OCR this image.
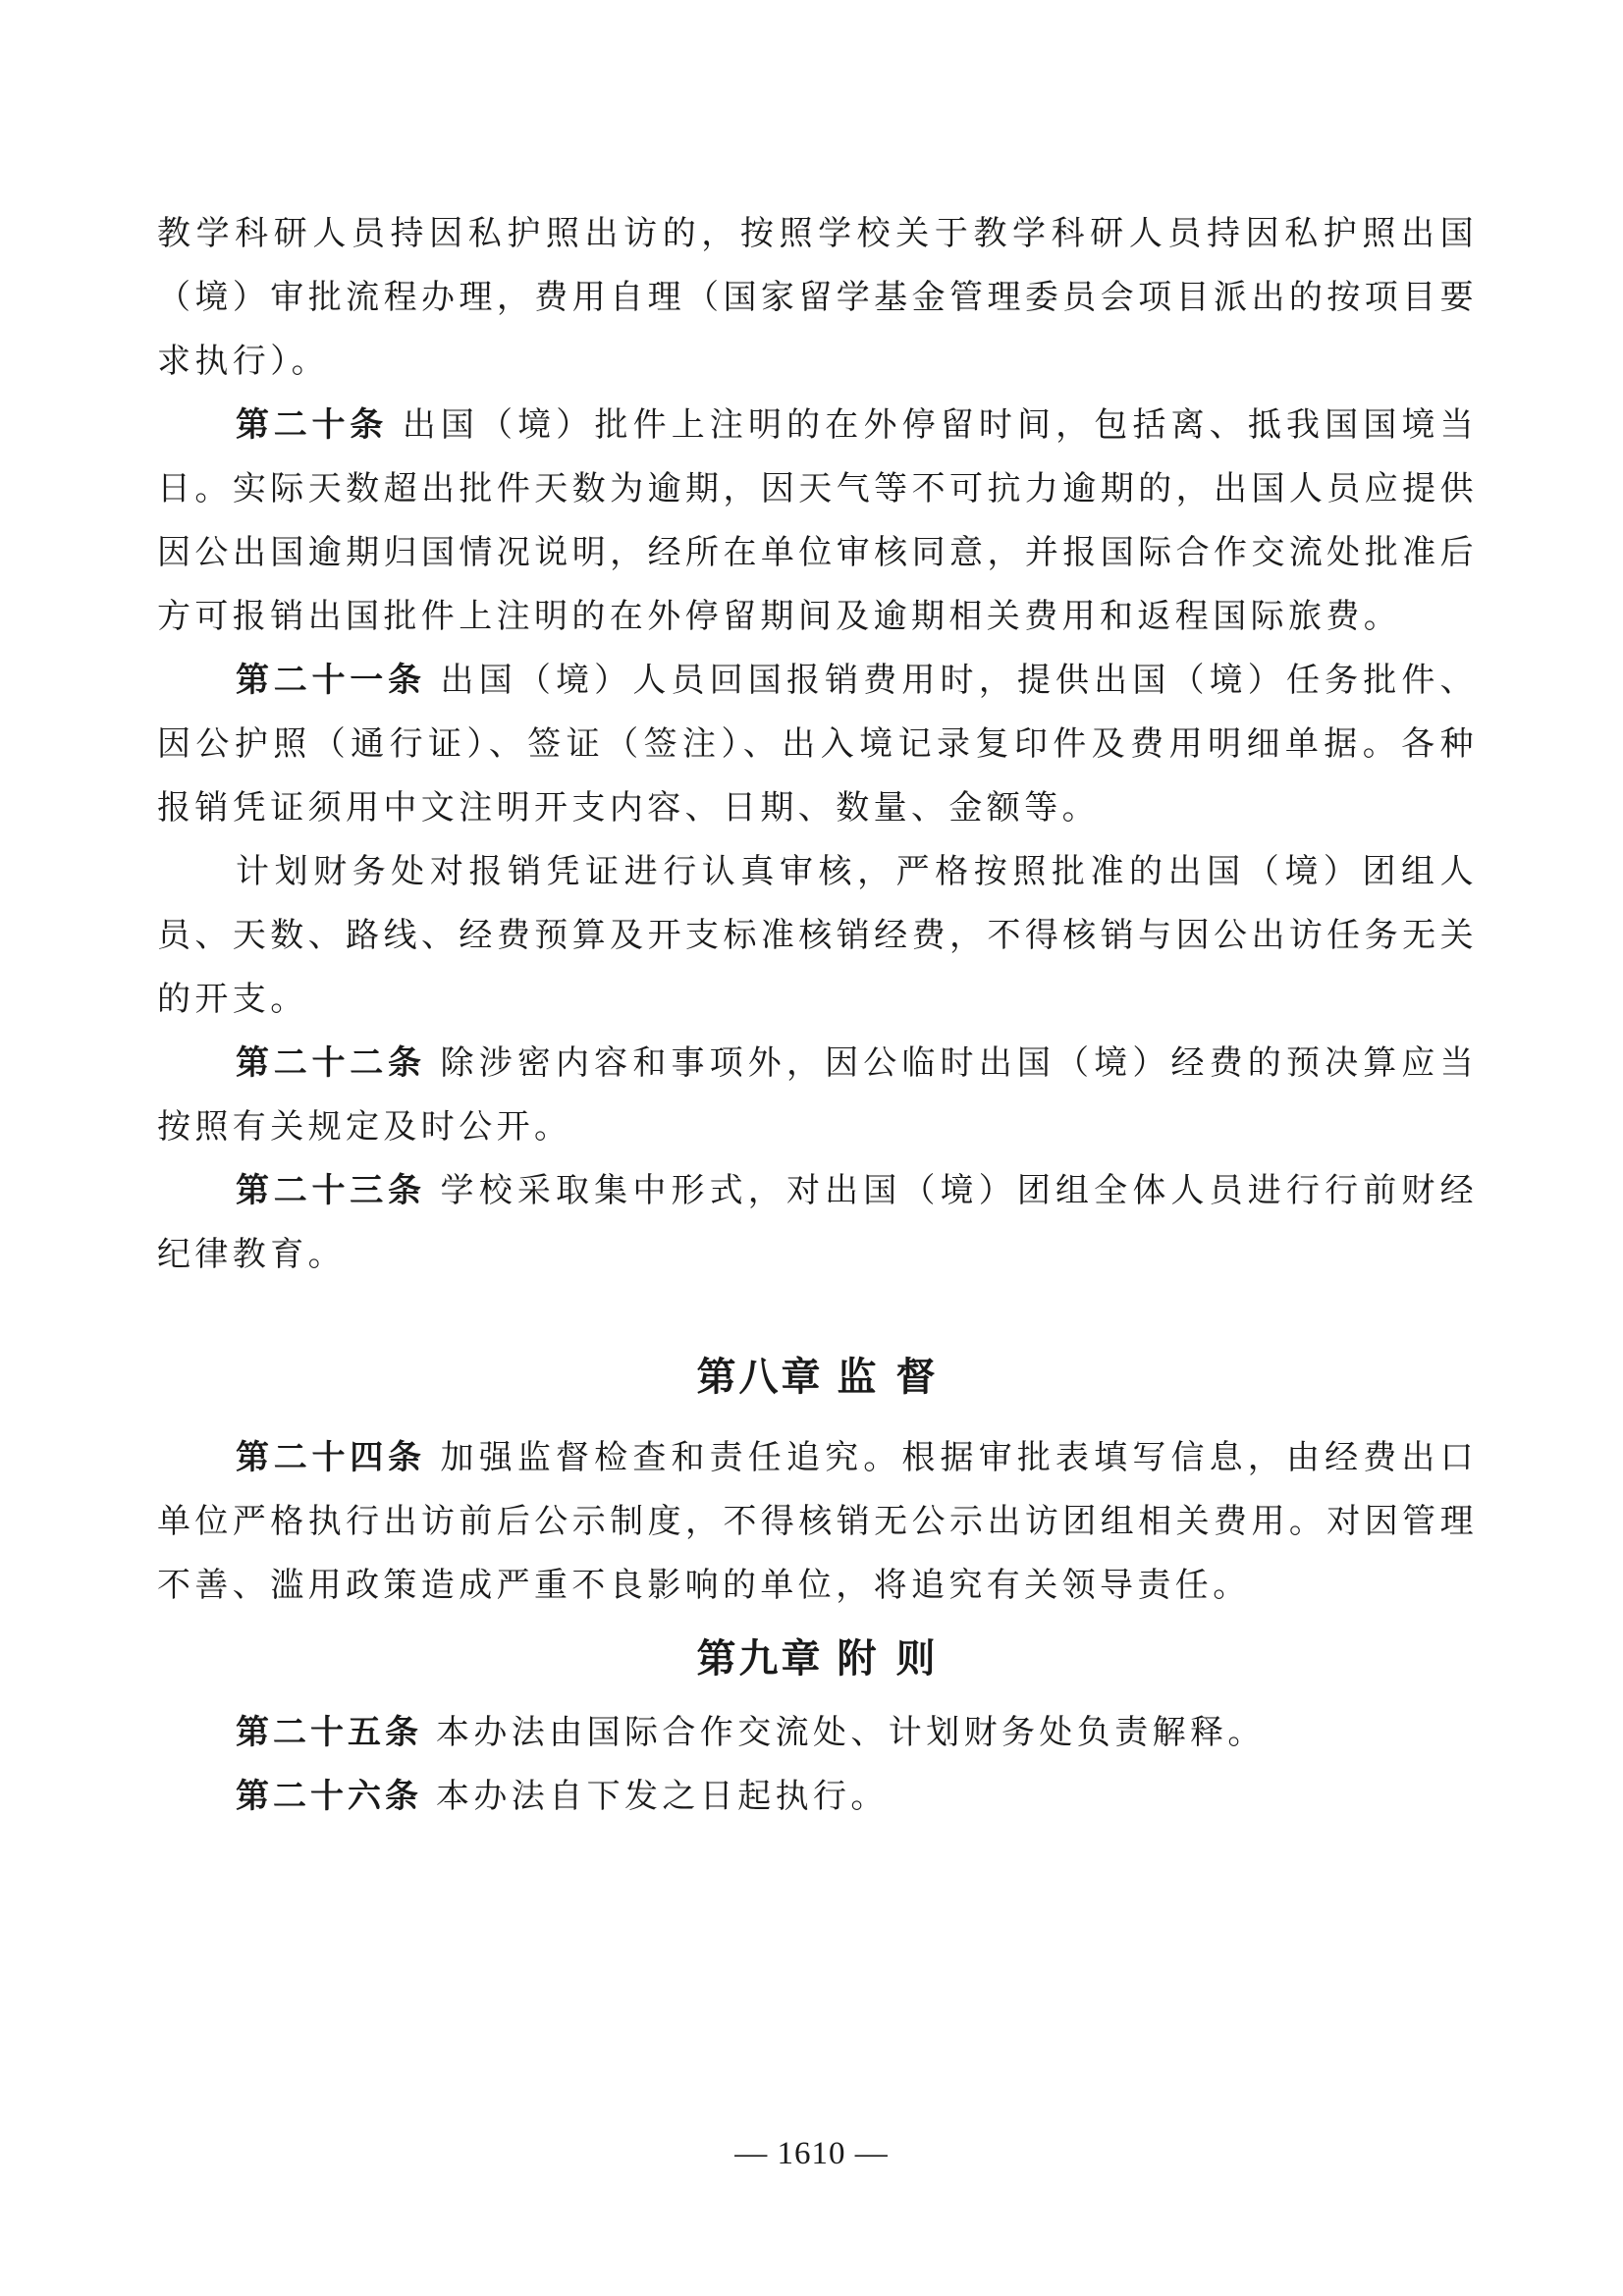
教学科研人员持因私护照出访的，按照学校关于教学科研人员持因私护照出国（境）审批流程办理，费用自理（国家留学基金管理委员会项目派出的按项目要求执行）。

第二十条 出国（境）批件上注明的在外停留时间，包括离、抵我国国境当日。实际天数超出批件天数为逾期，因天气等不可抗力逾期的，出国人员应提供因公出国逾期归国情况说明，经所在单位审核同意，并报国际合作交流处批准后方可报销出国批件上注明的在外停留期间及逾期相关费用和返程国际旅费。

第二十一条 出国（境）人员回国报销费用时，提供出国（境）任务批件、因公护照（通行证）、签证（签注）、出入境记录复印件及费用明细单据。各种报销凭证须用中文注明开支内容、日期、数量、金额等。

计划财务处对报销凭证进行认真审核，严格按照批准的出国（境）团组人员、天数、路线、经费预算及开支标准核销经费，不得核销与因公出访任务无关的开支。

第二十二条 除涉密内容和事项外，因公临时出国（境）经费的预决算应当按照有关规定及时公开。

第二十三条 学校采取集中形式，对出国（境）团组全体人员进行行前财经纪律教育。

第八章 监 督

第二十四条 加强监督检查和责任追究。根据审批表填写信息，由经费出口单位严格执行出访前后公示制度，不得核销无公示出访团组相关费用。对因管理不善、滥用政策造成严重不良影响的单位，将追究有关领导责任。

第九章 附 则

第二十五条 本办法由国际合作交流处、计划财务处负责解释。

第二十六条 本办法自下发之日起执行。

— 1610 —
